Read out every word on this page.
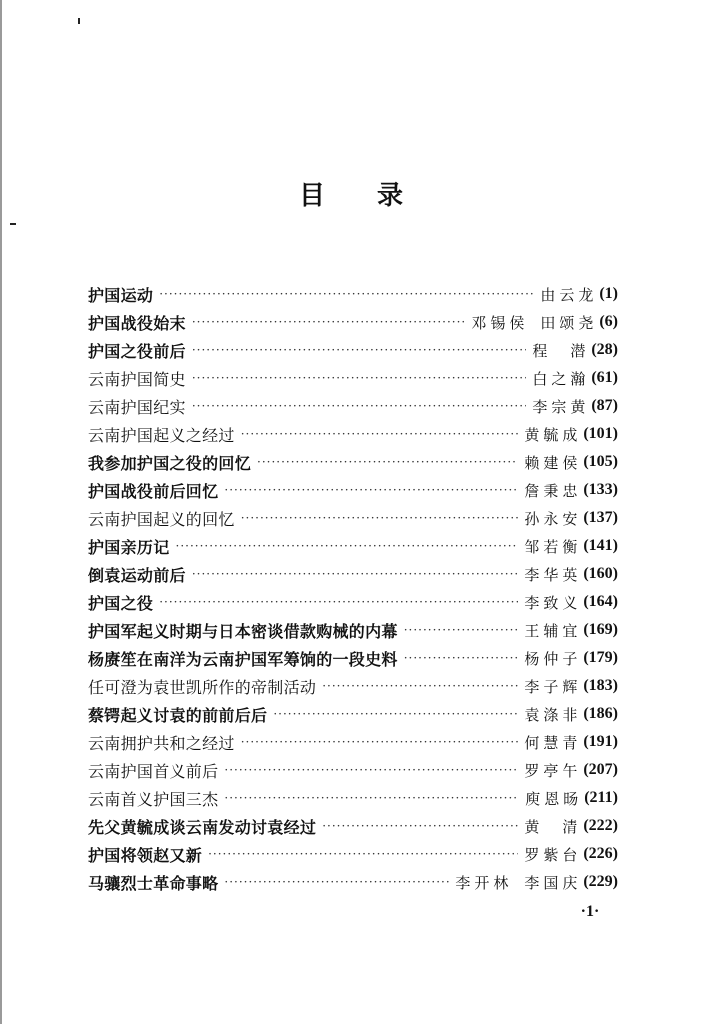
目 录
护国运动 ·····	由云龙 (1)
护国战役始末 ·····	邓锡侯 田颂尧 (6)
护国之役前后 ·····	程　潜 (28)
云南护国简史 ·····	白之瀚 (61)
云南护国纪实 ·····	李宗黄 (87)
云南护国起义之经过 ·····	黄毓成 (101)
我参加护国之役的回忆 ·····	赖建侯 (105)
护国战役前后回忆 ·····	詹秉忠 (133)
云南护国起义的回忆 ·····	孙永安 (137)
护国亲历记 ·····	邹若衡 (141)
倒袁运动前后 ·····	李华英 (160)
护国之役 ·····	李致义 (164)
护国军起义时期与日本密谈借款购械的内幕 ·····	王辅宜 (169)
杨赓笙在南洋为云南护国军筹饷的一段史料 ·····	杨仲子 (179)
任可澄为袁世凯所作的帝制活动 ·····	李子辉 (183)
蔡锷起义讨袁的前前后后 ·····	袁涤非 (186)
云南拥护共和之经过 ·····	何慧青 (191)
云南护国首义前后 ·····	罗亭午 (207)
云南首义护国三杰 ·····	庾恩旸 (211)
先父黄毓成谈云南发动讨袁经过 ·····	黄　清 (222)
护国将领赵又新 ·····	罗紫台 (226)
马骧烈士革命事略 ·····	李开林 李国庆 (229)
·1·
